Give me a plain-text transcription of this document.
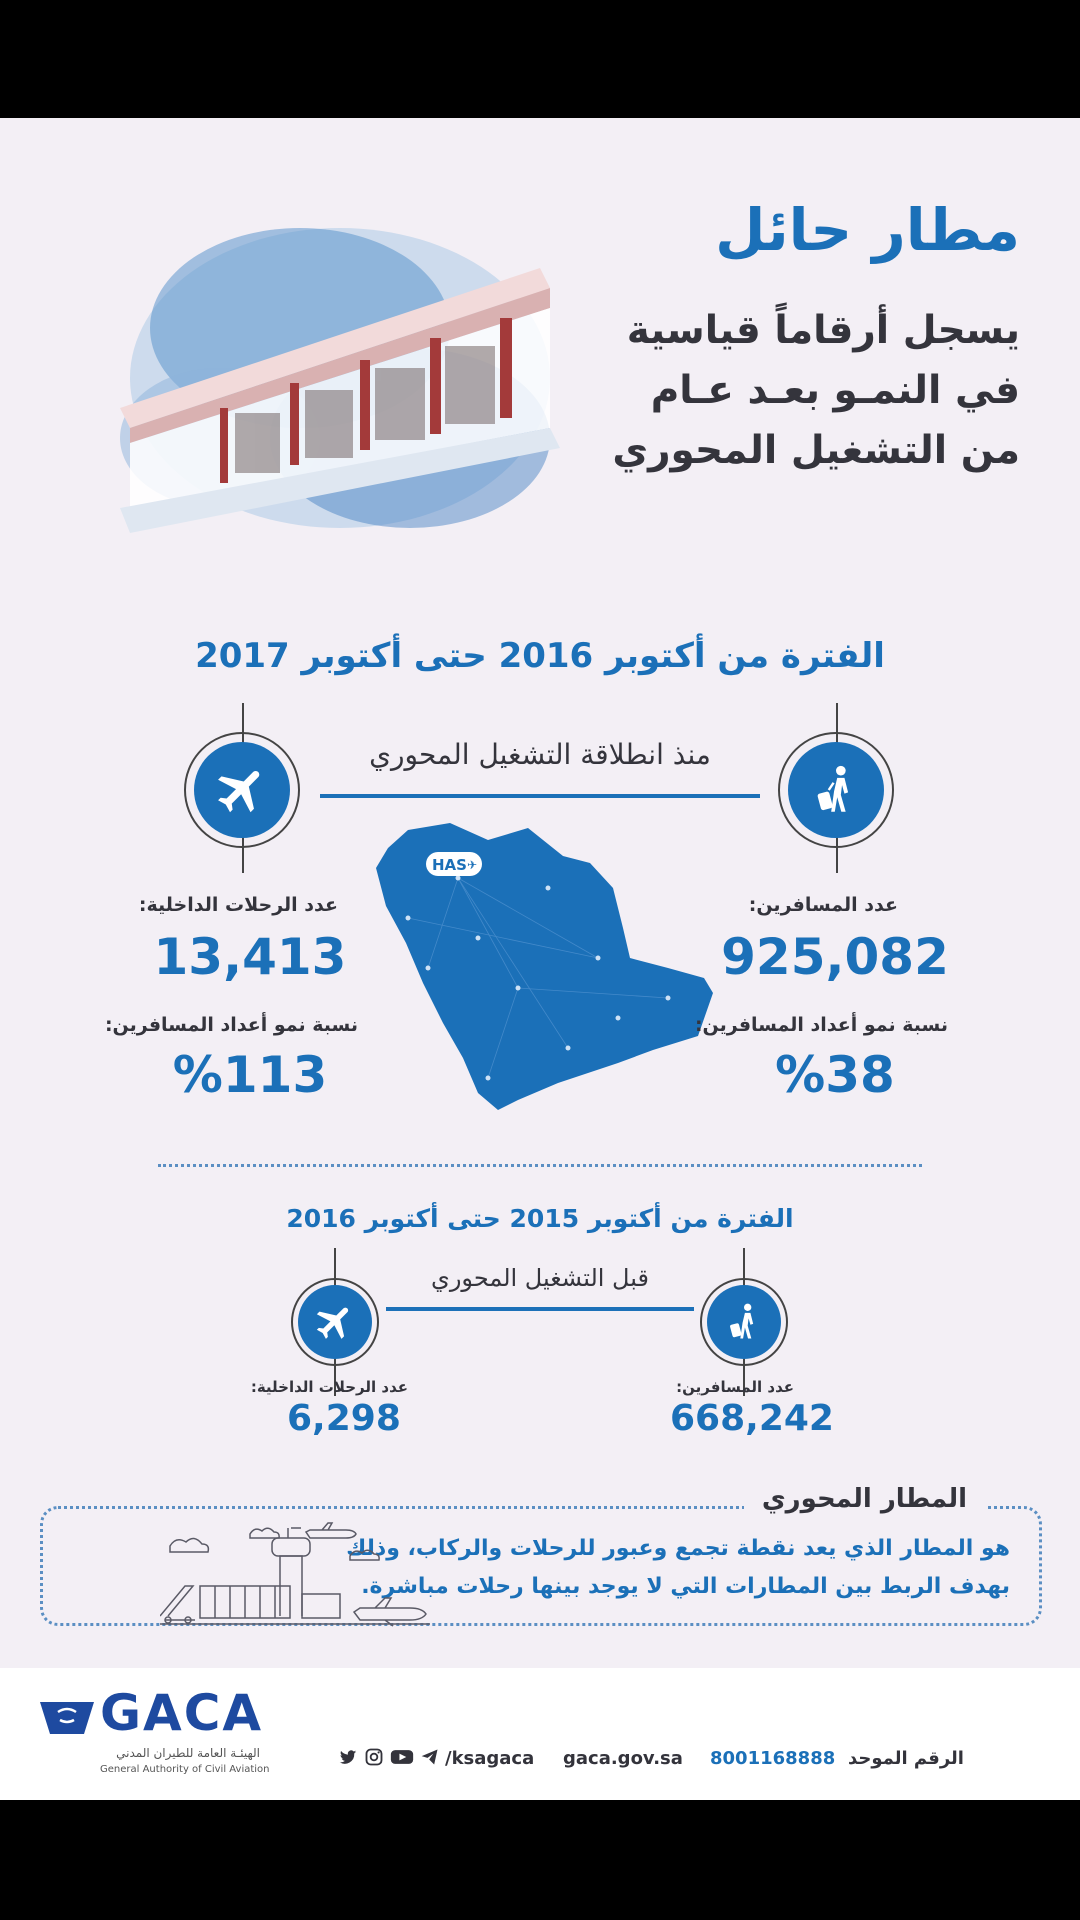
مطار حائل
يسجل أرقاماً قياسية
في النمـو بعـد عـام
من التشغيل المحوري
الفترة من أكتوبر 2016 حتى أكتوبر 2017
منذ انطلاقة التشغيل المحوري
HAS ✈
عدد الرحلات الداخلية:
13,413
نسبة نمو أعداد المسافرين:
%113
عدد المسافرين:
925,082
نسبة نمو أعداد المسافرين:
%38
الفترة من أكتوبر 2015 حتى أكتوبر 2016
قبل التشغيل المحوري
عدد الرحلات الداخلية:
6,298
عدد المسافرين:
668,242
المطار المحوري
هو المطار الذي يعد نقطة تجمع وعبور للرحلات والركاب، وذلك
بهدف الربط بين المطارات التي لا يوجد بينها رحلات مباشرة.
GACA
الهيئـة العامة للطيران المدني
General Authority of Civil Aviation
/ksagaca gaca.gov.sa 8001168888 الرقم الموحد
